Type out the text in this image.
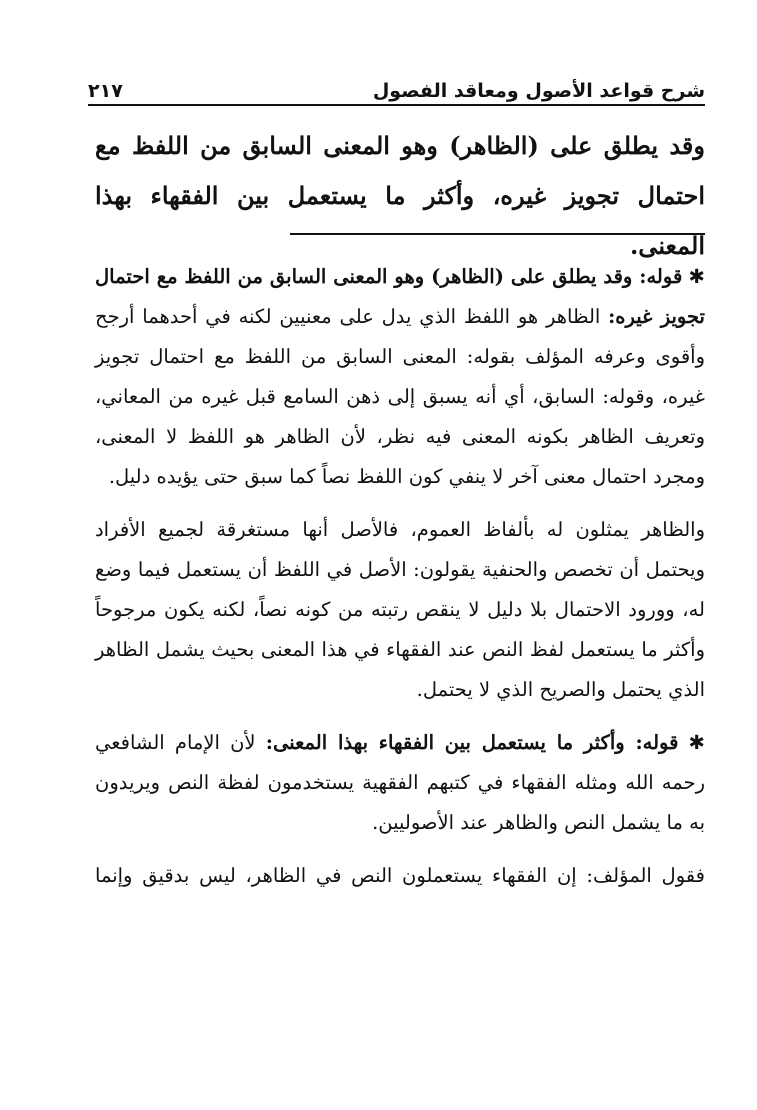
شرح قواعد الأصول ومعاقد الفصول
٢١٧
وقد يطلق على (الظاهر) وهو المعنى السابق من اللفظ مع احتمال تجويز غيره، وأكثر ما يستعمل بين الفقهاء بهذا المعنى.

✱ قوله: وقد يطلق على (الظاهر) وهو المعنى السابق من اللفظ مع احتمال تجويز غيره: الظاهر هو اللفظ الذي يدل على معنيين لكنه في أحدهما أرجح وأقوى وعرفه المؤلف بقوله: المعنى السابق من اللفظ مع احتمال تجويز غيره، وقوله: السابق، أي أنه يسبق إلى ذهن السامع قبل غيره من المعاني، وتعريف الظاهر بكونه المعنى فيه نظر، لأن الظاهر هو اللفظ لا المعنى، ومجرد احتمال معنى آخر لا ينفي كون اللفظ نصاً كما سبق حتى يؤيده دليل.

والظاهر يمثلون له بألفاظ العموم، فالأصل أنها مستغرقة لجميع الأفراد ويحتمل أن تخصص والحنفية يقولون: الأصل في اللفظ أن يستعمل فيما وضع له، وورود الاحتمال بلا دليل لا ينقص رتبته من كونه نصاً، لكنه يكون مرجوحاً وأكثر ما يستعمل لفظ النص عند الفقهاء في هذا المعنى بحيث يشمل الظاهر الذي يحتمل والصريح الذي لا يحتمل.

✱ قوله: وأكثر ما يستعمل بين الفقهاء بهذا المعنى: لأن الإمام الشافعي رحمه الله ومثله الفقهاء في كتبهم الفقهية يستخدمون لفظة النص ويريدون به ما يشمل النص والظاهر عند الأصوليين.

فقول المؤلف: إن الفقهاء يستعملون النص في الظاهر، ليس بدقيق وإنما
